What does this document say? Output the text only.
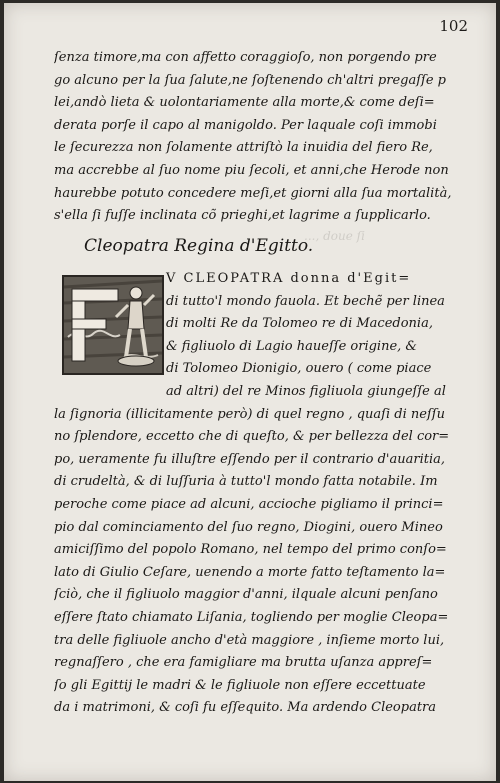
102
ſenza timore,ma con affetto coraggioſo, non porgendo pre
go alcuno per la ſua ſalute,ne ſoſtenendo ch'altri pregaſſe p
lei,andò lieta & uolontariamente alla morte,& come deſi=
derata porſe il capo al manigoldo. Per laquale coſi immobi
le ſecurezza non ſolamente attriſtò la inuidia del fiero Re,
ma accrebbe al ſuo nome piu ſecoli, et anni,che Herode non
haurebbe potuto concedere meſi,et giorni alla ſua mortalità,
s'ella ſi fuſſe inclinata cõ prieghi,et lagrime a ſupplicarlo.
..., doue ſi
Cleopatra Regina d'Egitto.
V CLEOPATRA donna d'Egit=
di tutto'l mondo fauola. Et bechẽ per linea
di molti Re da Tolomeo re di Macedonia,
& figliuolo di Lagio haueſſe origine, &
di Tolomeo Dionigio, ouero ( come piace
ad altri) del re Minos figliuola giungeſſe al
la ſignoria (illicitamente però) di quel regno , quaſi di neſſu
no ſplendore, eccetto che di queſto, & per bellezza del cor=
po, ueramente fu illuſtre eſſendo per il contrario d'auaritia,
di crudeltà, & di luſſuria à tutto'l mondo fatta notabile. Im
peroche come piace ad alcuni, accioche pigliamo il princi=
pio dal cominciamento del ſuo regno, Diogini, ouero Mineo
amiciſſimo del popolo Romano, nel tempo del primo conſo=
lato di Giulio Ceſare, uenendo a morte fatto teſtamento la=
ſciò, che il figliuolo maggior d'anni, ilquale alcuni penſano
eſſere ſtato chiamato Liſania, togliendo per moglie Cleopa=
tra delle figliuole ancho d'età maggiore , inſieme morto lui,
regnaſſero , che era famigliare ma brutta uſanza appreſ=
ſo gli Egittij le madri & le figliuole non eſſere eccettuate
da i matrimoni, & coſi fu eſſequito. Ma ardendo Cleopatra
